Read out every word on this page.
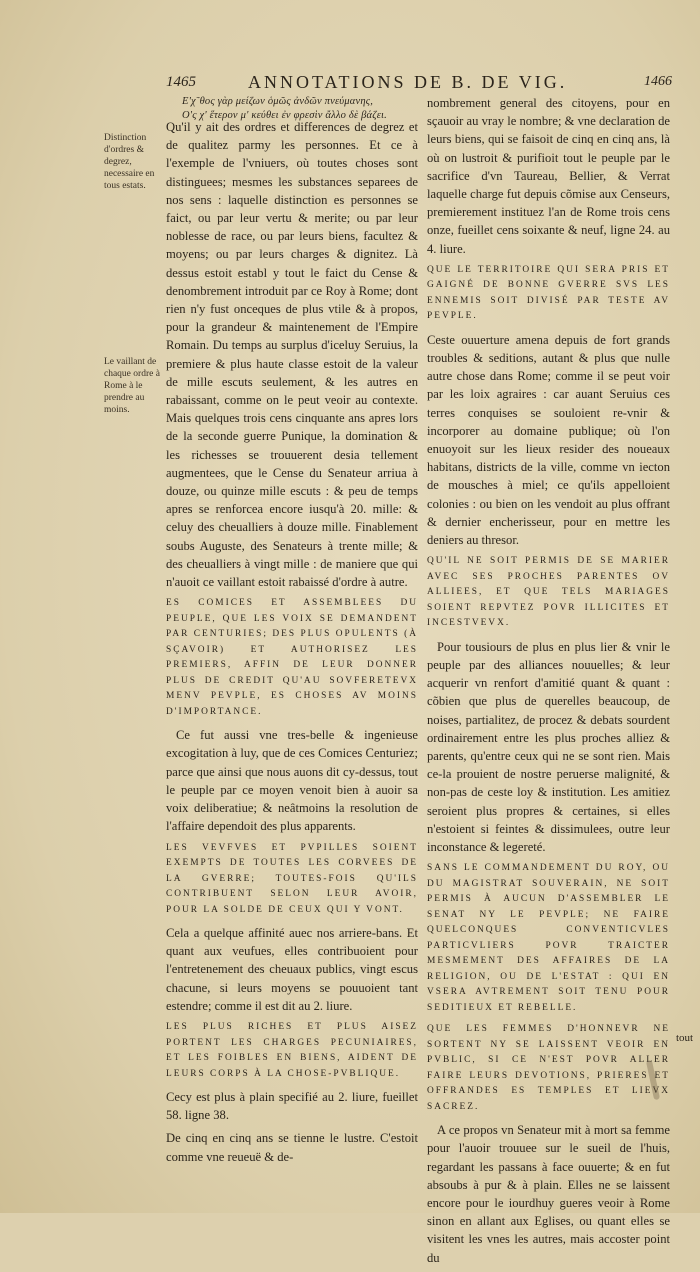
1465	ANNOTATIONS DE B. DE VIG.	1466
Ε'χ῀θος γὰρ μείζων ὁμῶς ἀνδῶν πνεύμανης,
Ο'ς χ' ἕτερον μ' κεύθει ἐν φρεσὶν ἄλλο δὲ βάζει.
Distinction d'ordres & degrez, necessaire en tous estats.
Le vaillant de chaque ordre à Rome à le prendre au moins.

Qu'il y ait des ordres et differences de degrez et de qualitez parmy les personnes. Et ce à l'exemple de l'vniuers, où toutes choses sont distinguees; mesmes les substances separees de nos sens : laquelle distinction es personnes se faict, ou par leur vertu & merite; ou par leur noblesse de race, ou par leurs biens, facultez & moyens; ou par leurs charges & dignitez. Là dessus estoit establ y tout le faict du Cense & denombrement introduit par ce Roy à Rome; dont rien n'y fust onceques de plus vtile & à propos, pour la grandeur & maintenement de l'Empire Romain. Du temps au surplus d'iceluy Seruius, la premiere & plus haute classe estoit de la valeur de mille escuts seulement, & les autres en rabaissant, comme on le peut veoir au contexte. Mais quelques trois cens cinquante ans apres lors de la seconde guerre Punique, la domination & les richesses se trouuerent desia tellement augmentees, que le Cense du Senateur arriua à douze, ou quinze mille escuts : & peu de temps apres se renforcea encore iusqu'à 20. mille: & celuy des cheualliers à douze mille. Finablement soubs Auguste, des Senateurs à trente mille; & des cheualliers à vingt mille : de maniere que qui n'auoit ce vaillant estoit rabaissé d'ordre à autre.

ES COMICES ET ASSEMBLEES DU PEUPLE, QUE LES VOIX SE DEMANDENT PAR CENTURIES; DES PLUS OPULENTS (À SÇAVOIR) ET AUTHORISEZ LES PREMIERS, AFFIN DE LEUR DONNER PLUS DE CREDIT QU'AU SOVFERETEVX MENV PEVPLE, ES CHOSES AV MOINS D'IMPORTANCE.

Ce fut aussi vne tres-belle & ingenieuse excogitation à luy, que de ces Comices Centuriez; parce que ainsi que nous auons dit cy-dessus, tout le peuple par ce moyen venoit bien à auoir sa voix deliberatiue; & neâtmoins la resolution de l'affaire dependoit des plus apparents.

LES VEVFVES ET PVPILLES SOIENT EXEMPTS DE TOUTES LES CORVEES DE LA GVERRE; TOUTES-FOIS QU'ILS CONTRIBUENT SELON LEUR AVOIR, POUR LA SOLDE DE CEUX QUI Y VONT.

Cela a quelque affinité auec nos arriere-bans. Et quant aux veufues, elles contribuoient pour l'entretenement des cheuaux publics, vingt escus chacune, si leurs moyens se pouuoient tant estendre; comme il est dit au 2. liure.

LES PLUS RICHES ET PLUS AISEZ PORTENT LES CHARGES PECUNIAIRES, ET LES FOIBLES EN BIENS, AIDENT DE LEURS CORPS À LA CHOSE-PVBLIQUE.

Cecy est plus à plain specifié au 2. liure, fueillet 58. ligne 38.

De cinq en cinq ans se tienne le lustre. C'estoit comme vne reueuë & de-

nombrement general des citoyens, pour en sçauoir au vray le nombre; & vne declaration de leurs biens, qui se faisoit de cinq en cinq ans, là où on lustroit & purifioit tout le peuple par le sacrifice d'vn Taureau, Bellier, & Verrat laquelle charge fut depuis cõmise aux Censeurs, premierement instituez l'an de Rome trois cens onze, fueillet cens soixante & neuf, ligne 24. au 4. liure.

QUE LE TERRITOIRE QUI SERA PRIS ET GAIGNÉ DE BONNE GVERRE SVS LES ENNEMIS SOIT DIVISÉ PAR TESTE AV PEVPLE.

Ceste ouuerture amena depuis de fort grands troubles & seditions, autant & plus que nulle autre chose dans Rome; comme il se peut voir par les loix agraires : car auant Seruius ces terres conquises se souloient re-vnir & incorporer au domaine publique; où l'on enuoyoit sur les lieux resider des noueaux habitans, districts de la ville, comme vn iecton de mousches à miel; ce qu'ils appelloient colonies : ou bien on les vendoit au plus offrant & dernier encherisseur, pour en mettre les deniers au thresor.

QU'IL NE SOIT PERMIS DE SE MARIER AVEC SES PROCHES PARENTES OV ALLIEES, ET QUE TELS MARIAGES SOIENT REPVTEZ POVR ILLICITES ET INCESTVEVX.

Pour tousiours de plus en plus lier & vnir le peuple par des alliances nouuelles; & leur acquerir vn renfort d'amitié quant & quant : cõbien que plus de querelles beaucoup, de noises, partialitez, de procez & debats sourdent ordinairement entre les plus proches alliez & parents, qu'entre ceux qui ne se sont rien. Mais ce-la prouient de nostre peruerse malignité, & non-pas de ceste loy & institution. Les amitiez seroient plus propres & certaines, si elles n'estoient si feintes & dissimulees, outre leur inconstance & legereté.

SANS LE COMMANDEMENT DU ROY, OU DU MAGISTRAT SOUVERAIN, NE SOIT PERMIS À AUCUN D'ASSEMBLER LE SENAT NY LE PEVPLE; NE FAIRE QUELCONQUES CONVENTICVLES PARTICVLIERS POVR TRAICTER MESMEMENT DES AFFAIRES DE LA RELIGION, OU DE L'ESTAT : QUI EN VSERA AVTREMENT SOIT TENU POUR SEDITIEUX ET REBELLE.

QUE LES FEMMES D'HONNEVR NE SORTENT NY SE LAISSENT VEOIR EN PVBLIC, SI CE N'EST POVR ALLER FAIRE LEURS DEVOTIONS, PRIERES ET OFFRANDES ES TEMPLES ET LIEVX SACREZ.

A ce propos vn Senateur mit à mort sa femme pour l'auoir trouuee sur le sueil de l'huis, regardant les passans à face ouuerte; & en fut absoubs à pur & à plain. Elles ne se laissent encore pour le iourdhuy gueres veoir à Rome sinon en allant aux Eglises, ou quant elles se visitent les vnes les autres, mais accoster point du

tout
